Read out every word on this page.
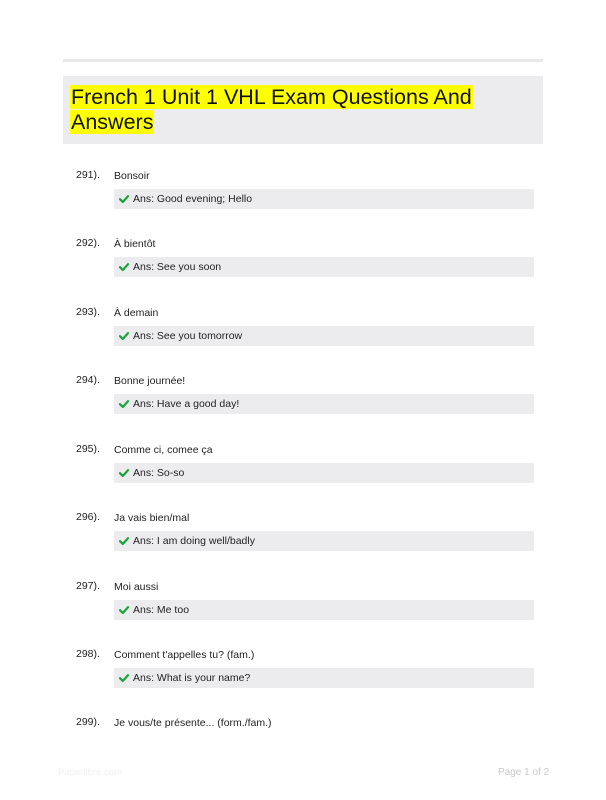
French 1 Unit 1 VHL Exam Questions And Answers
291). Bonsoir
Ans: Good evening; Hello
292). À bientôt
Ans: See you soon
293). À demain
Ans: See you tomorrow
294). Bonne journée!
Ans: Have a good day!
295). Comme ci, comee ça
Ans: So-so
296). Ja vais bien/mal
Ans: I am doing well/badly
297). Moi aussi
Ans: Me too
298). Comment t'appelles tu? (fam.)
Ans: What is your name?
299). Je vous/te présente... (form./fam.)
Paperlibre.com	Page 1 of 2
